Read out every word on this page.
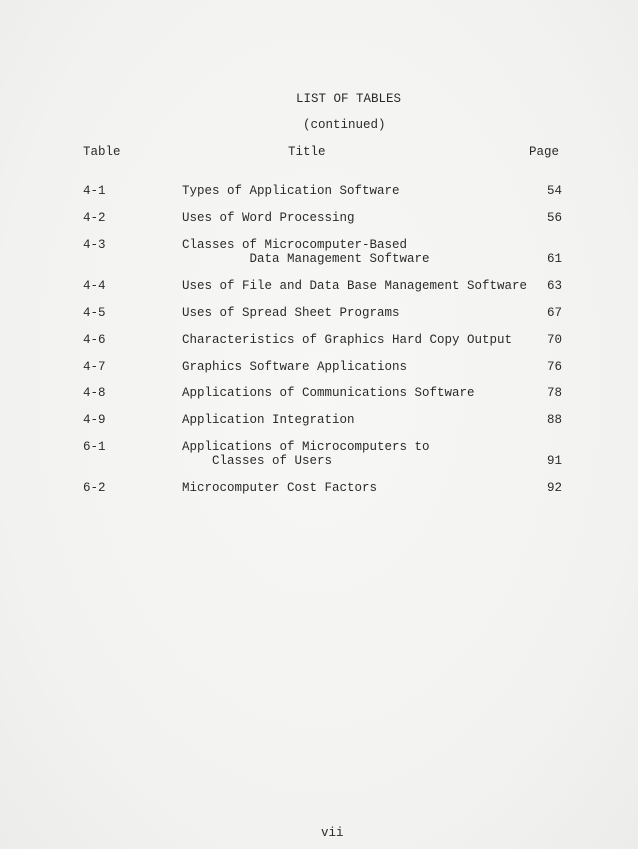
LIST OF TABLES
(continued)
Table	Title	Page
4-1	Types of Application Software	54
4-2	Uses of Word Processing	56
4-3	Classes of Microcomputer-Based
Data Management Software	61
4-4	Uses of File and Data Base Management Software	63
4-5	Uses of Spread Sheet Programs	67
4-6	Characteristics of Graphics Hard Copy Output	70
4-7	Graphics Software Applications	76
4-8	Applications of Communications Software	78
4-9	Application Integration	88
6-1	Applications of Microcomputers to
Classes of Users	91
6-2	Microcomputer Cost Factors	92
vii
